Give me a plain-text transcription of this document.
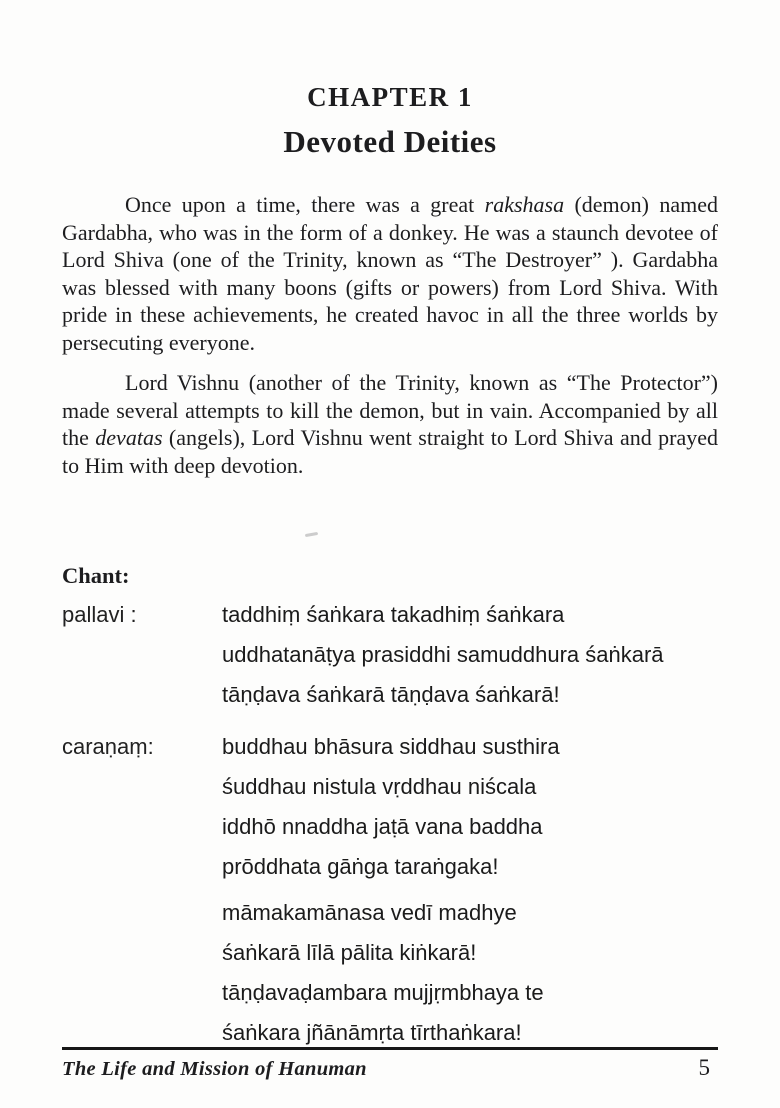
CHAPTER 1
Devoted Deities

Once upon a time, there was a great rakshasa (demon) named Gardabha, who was in the form of a donkey. He was a staunch devotee of Lord Shiva (one of the Trinity, known as “The Destroyer” ). Gardabha was blessed with many boons (gifts or powers) from Lord Shiva. With pride in these achievements, he created havoc in all the three worlds by persecuting everyone.

Lord Vishnu (another of the Trinity, known as “The Protector”) made several attempts to kill the demon, but in vain. Accompanied by all the devatas (angels), Lord Vishnu went straight to Lord Shiva and prayed to Him with deep devotion.

Chant:
pallavi :	taddhiṃ śaṅkara takadhiṃ śaṅkara
uddhatanāṭya prasiddhi samuddhura śaṅkarā
tāṇḍava śaṅkarā tāṇḍava śaṅkarā!
caraṇaṃ:	buddhau bhāsura siddhau susthira
śuddhau nistula vṛddhau niścala
iddhō nnaddha jaṭā vana baddha
prōddhata gāṅga taraṅgaka!
māmakamānasa vedī madhye
śaṅkarā līlā pālita kiṅkarā!
tāṇḍavaḍambara mujjṛmbhaya te
śaṅkara jñānāmṛta tīrthaṅkara!
The Life and Mission of Hanuman	5
